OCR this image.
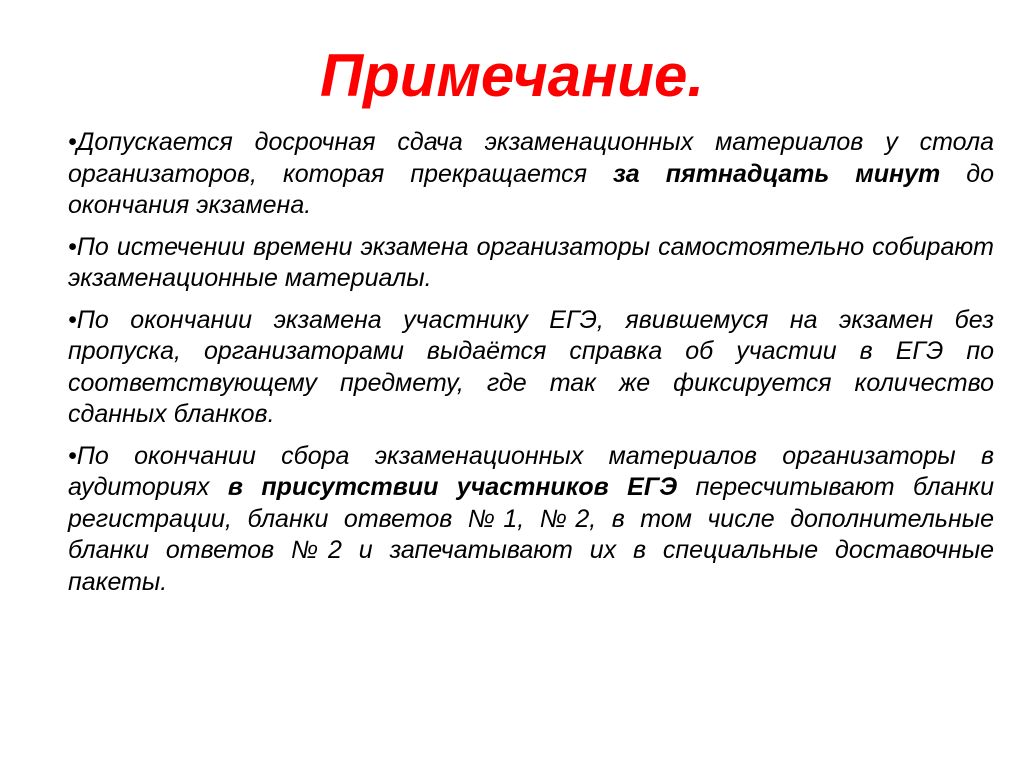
Примечание.

•Допускается досрочная сдача экзаменационных материалов у стола организаторов, которая прекращается за пятнадцать минут до окончания экзамена.

•По истечении времени экзамена организаторы самостоятельно собирают экзаменационные материалы.

•По окончании экзамена участнику ЕГЭ, явившемуся на экзамен без пропуска, организаторами выдаётся справка об участии в ЕГЭ по соответствующему предмету, где так же фиксируется количество сданных бланков.

•По окончании сбора экзаменационных материалов организаторы в аудиториях в присутствии участников ЕГЭ пересчитывают бланки регистрации, бланки ответов №1, №2, в том числе дополнительные бланки ответов №2 и запечатывают их в специальные доставочные пакеты.
